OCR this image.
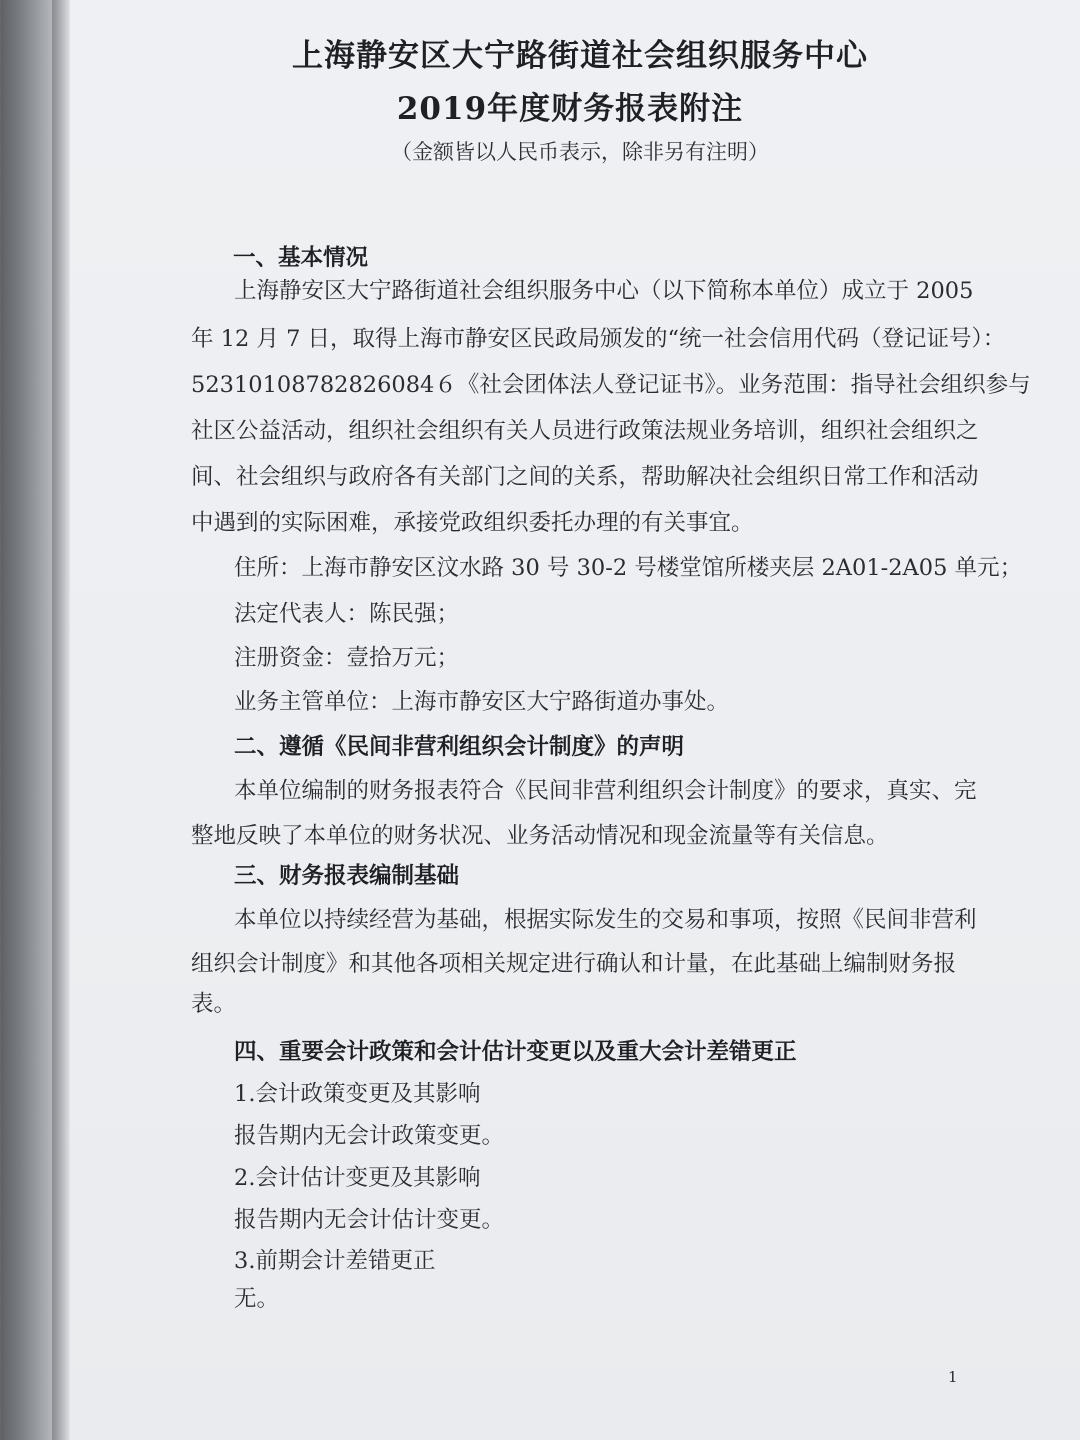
上海静安区大宁路街道社会组织服务中心
2019年度财务报表附注
（金额皆以人民币表示，除非另有注明）
一、基本情况
上海静安区大宁路街道社会组织服务中心（以下简称本单位）成立于 2005
年 12 月 7 日，取得上海市静安区民政局颁发的“统一社会信用代码（登记证号）：
52310108782826084６《社会团体法人登记证书》。业务范围：指导社会组织参与
社区公益活动，组织社会组织有关人员进行政策法规业务培训，组织社会组织之
间、社会组织与政府各有关部门之间的关系，帮助解决社会组织日常工作和活动
中遇到的实际困难，承接党政组织委托办理的有关事宜。
住所：上海市静安区汶水路 30 号 30-2 号楼堂馆所楼夹层 2A01-2A05 单元；
法定代表人：陈民强；
注册资金：壹拾万元；
业务主管单位：上海市静安区大宁路街道办事处。
二、遵循《民间非营利组织会计制度》的声明
本单位编制的财务报表符合《民间非营利组织会计制度》的要求，真实、完
整地反映了本单位的财务状况、业务活动情况和现金流量等有关信息。
三、财务报表编制基础
本单位以持续经营为基础，根据实际发生的交易和事项，按照《民间非营利
组织会计制度》和其他各项相关规定进行确认和计量，在此基础上编制财务报
表。
四、重要会计政策和会计估计变更以及重大会计差错更正
1.会计政策变更及其影响
报告期内无会计政策变更。
2.会计估计变更及其影响
报告期内无会计估计变更。
3.前期会计差错更正
无。
1
